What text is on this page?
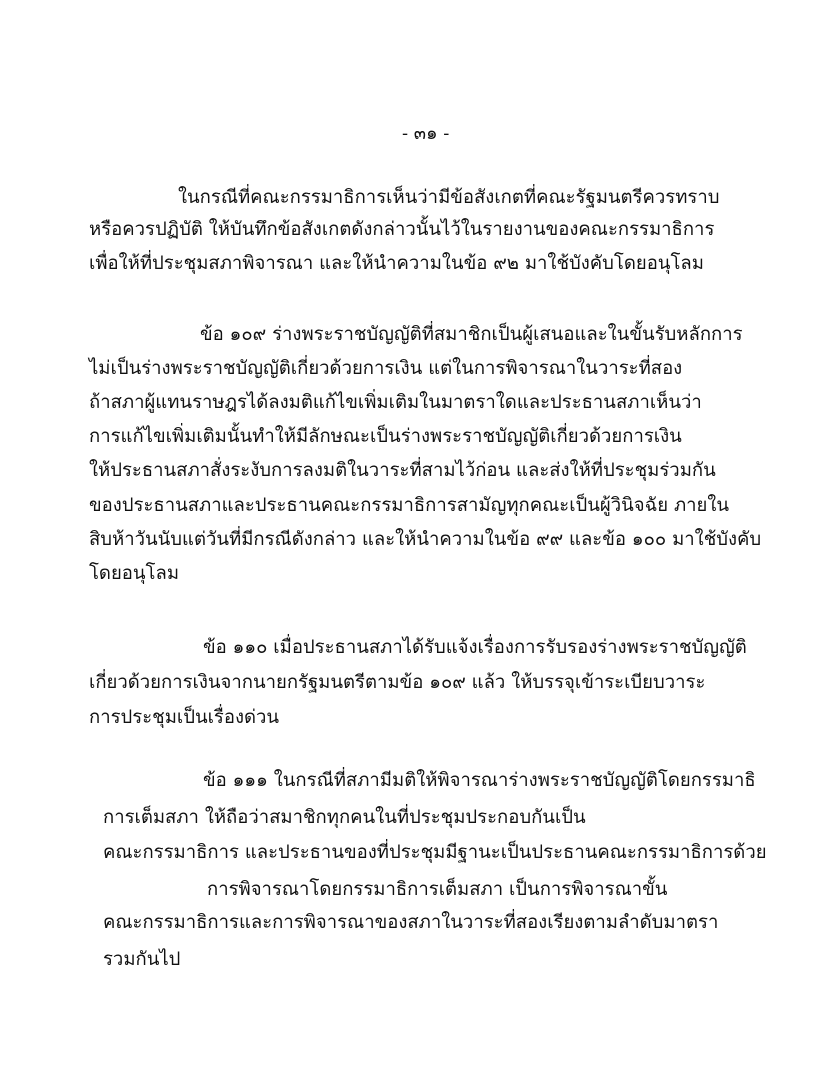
- ๓๑ -
ในกรณีที่คณะกรรมาธิการเห็นว่ามีข้อสังเกตที่คณะรัฐมนตรีควรทราบ
หรือควรปฏิบัติ ให้บันทึกข้อสังเกตดังกล่าวนั้นไว้ในรายงานของคณะกรรมาธิการ
เพื่อให้ที่ประชุมสภาพิจารณา และให้นำความในข้อ ๙๒ มาใช้บังคับโดยอนุโลม
ข้อ ๑๐๙ ร่างพระราชบัญญัติที่สมาชิกเป็นผู้เสนอและในขั้นรับหลักการ
ไม่เป็นร่างพระราชบัญญัติเกี่ยวด้วยการเงิน แต่ในการพิจารณาในวาระที่สอง
ถ้าสภาผู้แทนราษฎรได้ลงมติแก้ไขเพิ่มเติมในมาตราใดและประธานสภาเห็นว่า
การแก้ไขเพิ่มเติมนั้นทำให้มีลักษณะเป็นร่างพระราชบัญญัติเกี่ยวด้วยการเงิน
ให้ประธานสภาสั่งระงับการลงมติในวาระที่สามไว้ก่อน และส่งให้ที่ประชุมร่วมกัน
ของประธานสภาและประธานคณะกรรมาธิการสามัญทุกคณะเป็นผู้วินิจฉัย ภายใน
สิบห้าวันนับแต่วันที่มีกรณีดังกล่าว และให้นำความในข้อ ๙๙ และข้อ ๑๐๐ มาใช้บังคับ
โดยอนุโลม
ข้อ ๑๑๐ เมื่อประธานสภาได้รับแจ้งเรื่องการรับรองร่างพระราชบัญญัติ
เกี่ยวด้วยการเงินจากนายกรัฐมนตรีตามข้อ ๑๐๙ แล้ว ให้บรรจุเข้าระเบียบวาระ
การประชุมเป็นเรื่องด่วน
ข้อ ๑๑๑ ในกรณีที่สภามีมติให้พิจารณาร่างพระราชบัญญัติโดยกรรมาธิ
การเต็มสภา ให้ถือว่าสมาชิกทุกคนในที่ประชุมประกอบกันเป็น
คณะกรรมาธิการ และประธานของที่ประชุมมีฐานะเป็นประธานคณะกรรมาธิการด้วย
การพิจารณาโดยกรรมาธิการเต็มสภา เป็นการพิจารณาขั้น
คณะกรรมาธิการและการพิจารณาของสภาในวาระที่สองเรียงตามลำดับมาตรา
รวมกันไป
